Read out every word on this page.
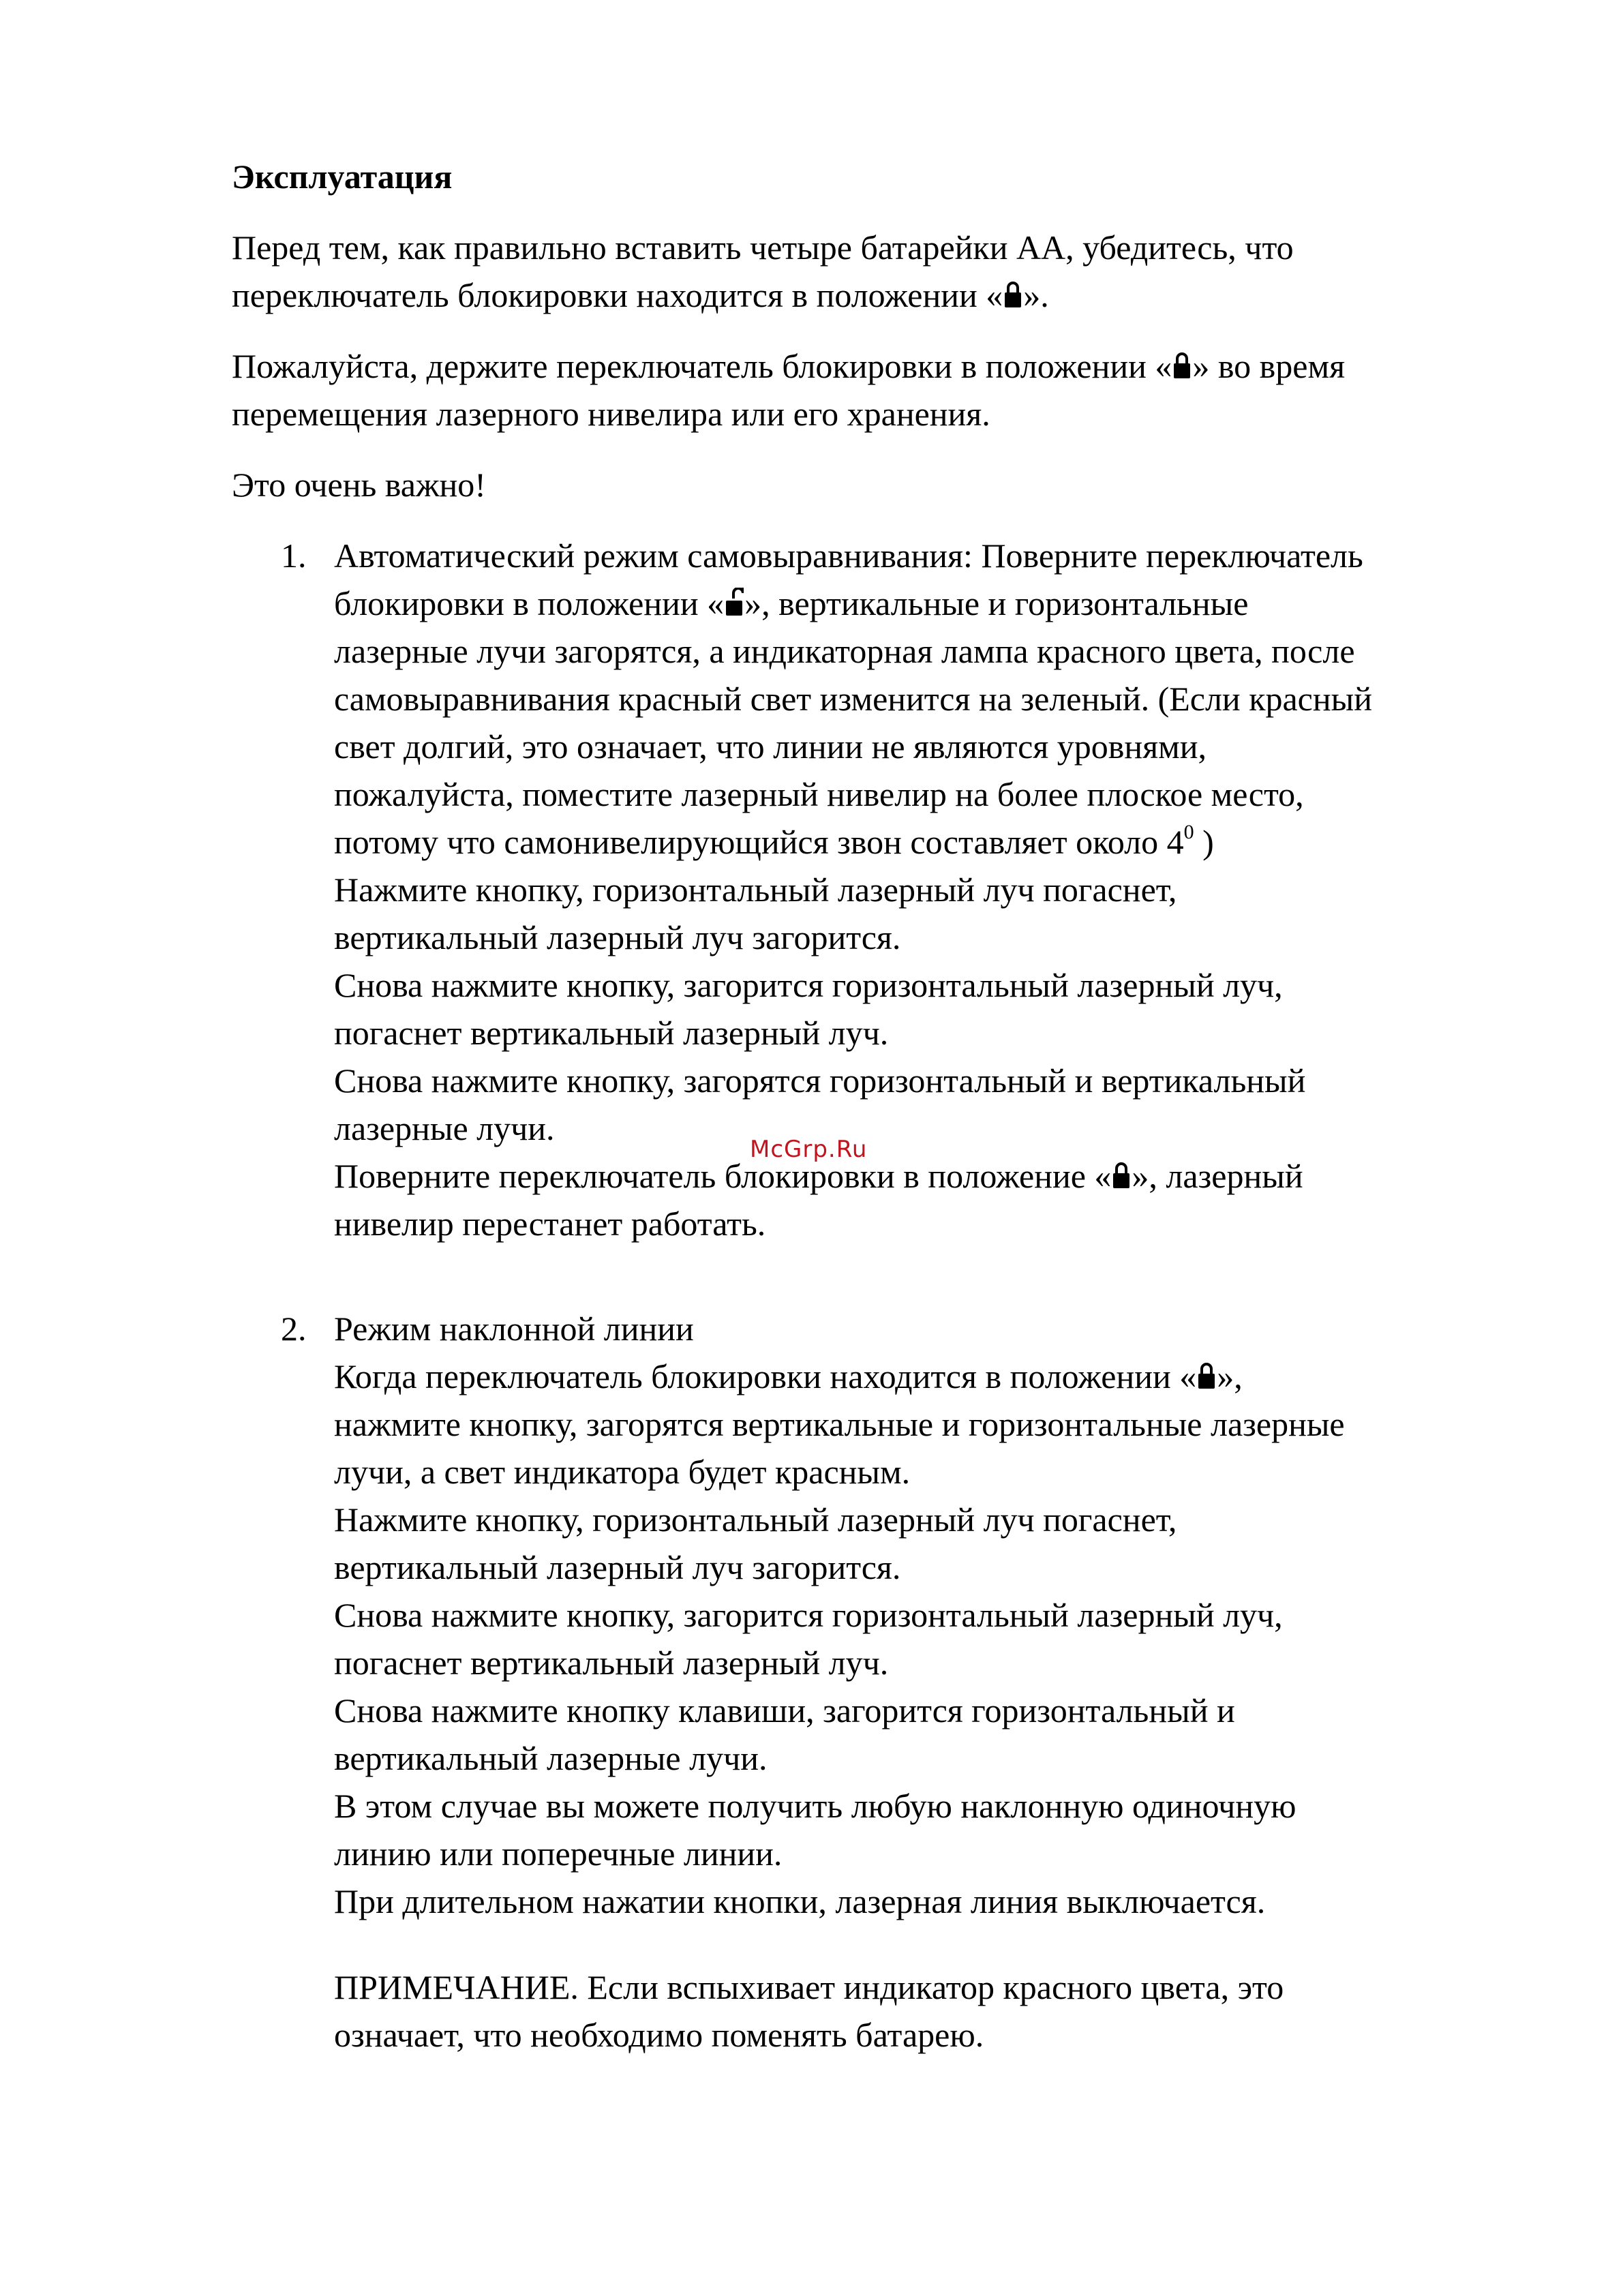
Эксплуатация

Перед тем, как правильно вставить четыре батарейки АА, убедитесь, что
переключатель блокировки находится в положении « ».

Пожалуйста, держите переключатель блокировки в положении « » во время
перемещения лазерного нивелира или его хранения.

Это очень важно!

1. Автоматический режим самовыравнивания: Поверните переключатель
блокировки в положении « », вертикальные и горизонтальные
лазерные лучи загорятся, а индикаторная лампа красного цвета, после
самовыравнивания красный свет изменится на зеленый. (Если красный
свет долгий, это означает, что линии не являются уровнями,
пожалуйста, поместите лазерный нивелир на более плоское место,
потому что самонивелирующийся звон составляет около $4^0$ )
Нажмите кнопку, горизонтальный лазерный луч погаснет,
вертикальный лазерный луч загорится.
Снова нажмите кнопку, загорится горизонтальный лазерный луч,
погаснет вертикальный лазерный луч.
Снова нажмите кнопку, загорятся горизонтальный и вертикальный
лазерные лучи.
Поверните переключатель блокировки в положение « », лазерный
нивелир перестанет работать.
McGrp.Ru
2. Режим наклонной линии
Когда переключатель блокировки находится в положении « »,
нажмите кнопку, загорятся вертикальные и горизонтальные лазерные
лучи, а свет индикатора будет красным.
Нажмите кнопку, горизонтальный лазерный луч погаснет,
вертикальный лазерный луч загорится.
Снова нажмите кнопку, загорится горизонтальный лазерный луч,
погаснет вертикальный лазерный луч.
Снова нажмите кнопку клавиши, загорится горизонтальный и
вертикальный лазерные лучи.
В этом случае вы можете получить любую наклонную одиночную
линию или поперечные линии.
При длительном нажатии кнопки, лазерная линия выключается.
ПРИМЕЧАНИЕ. Если вспыхивает индикатор красного цвета, это
означает, что необходимо поменять батарею.
